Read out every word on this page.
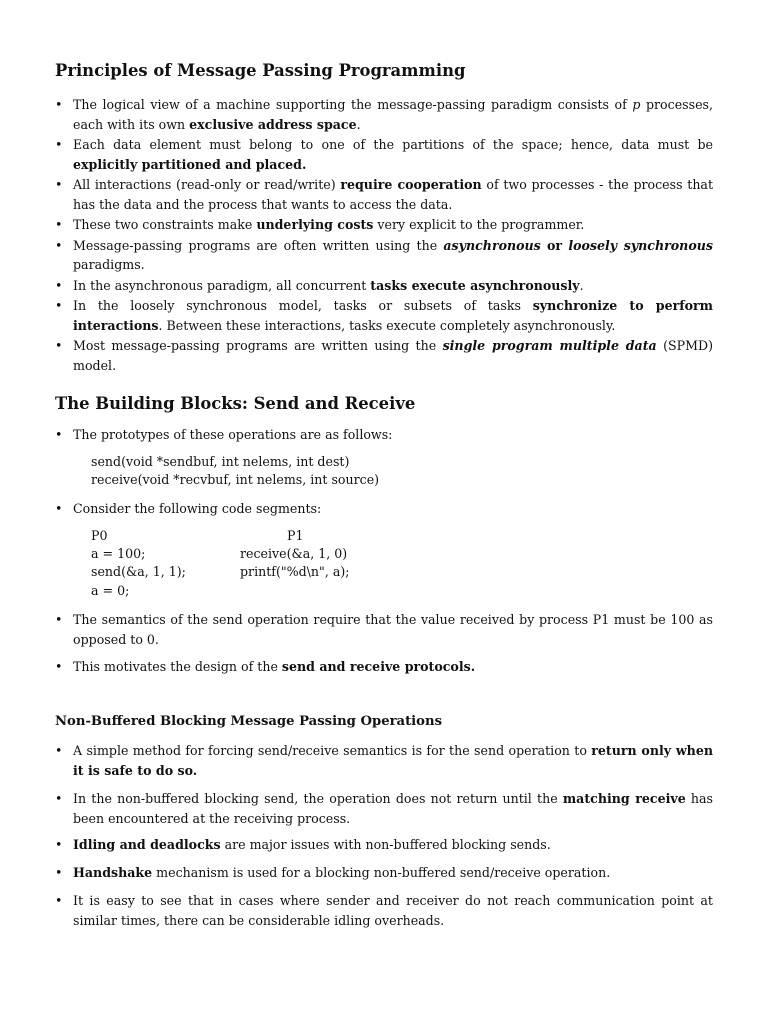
Principles of Message Passing Programming
• The logical view of a machine supporting the message-passing paradigm consists of p processes, each with its own exclusive address space.
• Each data element must belong to one of the partitions of the space; hence, data must be explicitly partitioned and placed.
• All interactions (read-only or read/write) require cooperation of two processes - the process that has the data and the process that wants to access the data.
• These two constraints make underlying costs very explicit to the programmer.
• Message-passing programs are often written using the asynchronous or loosely synchronous paradigms.
• In the asynchronous paradigm, all concurrent tasks execute asynchronously.
• In the loosely synchronous model, tasks or subsets of tasks synchronize to perform interactions. Between these interactions, tasks execute completely asynchronously.
• Most message-passing programs are written using the single program multiple data (SPMD) model.
The Building Blocks: Send and Receive
• The prototypes of these operations are as follows:
send(void *sendbuf, int nelems, int dest)
receive(void *recvbuf, int nelems, int source)
• Consider the following code segments:
P0	P1
a = 100;	receive(&a, 1, 0)
send(&a, 1, 1);	printf("%d\n", a);
a = 0;
• The semantics of the send operation require that the value received by process P1 must be 100 as opposed to 0.
• This motivates the design of the send and receive protocols.
Non-Buffered Blocking Message Passing Operations
• A simple method for forcing send/receive semantics is for the send operation to return only when it is safe to do so.
• In the non-buffered blocking send, the operation does not return until the matching receive has been encountered at the receiving process.
• Idling and deadlocks are major issues with non-buffered blocking sends.
• Handshake mechanism is used for a blocking non-buffered send/receive operation.
• It is easy to see that in cases where sender and receiver do not reach communication point at similar times, there can be considerable idling overheads.
